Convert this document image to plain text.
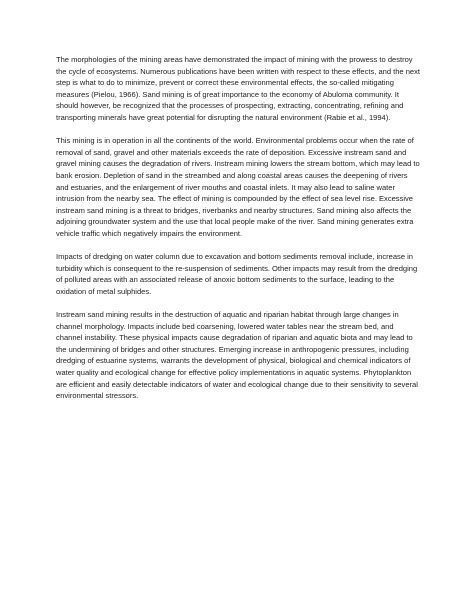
The morphologies of the mining areas have demonstrated the impact of mining with the prowess to destroy the cycle of ecosystems. Numerous publications have been written with respect to these effects, and the next step is what to do to minimize, prevent or correct these environmental effects, the so-called mitigating measures (Pielou, 1966). Sand mining is of great importance to the economy of Abuloma community. It should however, be recognized that the processes of prospecting, extracting, concentrating, refining and transporting minerals have great potential for disrupting the natural environment (Rabie et al., 1994).

This mining is in operation in all the continents of the world. Environmental problems occur when the rate of removal of sand, gravel and other materials exceeds the rate of deposition. Excessive instream sand and gravel mining causes the degradation of rivers. Instream mining lowers the stream bottom, which may lead to bank erosion. Depletion of sand in the streambed and along coastal areas causes the deepening of rivers and estuaries, and the enlargement of river mouths and coastal inlets. It may also lead to saline water intrusion from the nearby sea. The effect of mining is compounded by the effect of sea level rise. Excessive instream sand mining is a threat to bridges, riverbanks and nearby structures. Sand mining also affects the adjoining groundwater system and the use that local people make of the river. Sand mining generates extra vehicle traffic which negatively impairs the environment.

Impacts of dredging on water column due to excavation and bottom sediments removal include, increase in turbidity which is consequent to the re-suspension of sediments. Other impacts may result from the dredging of polluted areas with an associated release of anoxic bottom sediments to the surface, leading to the oxidation of metal sulphides.

Instream sand mining results in the destruction of aquatic and riparian habitat through large changes in channel morphology. Impacts include bed coarsening, lowered water tables near the stream bed, and channel instability. These physical impacts cause degradation of riparian and aquatic biota and may lead to the undermining of bridges and other structures. Emerging increase in anthropogenic pressures, including dredging of estuarine systems, warrants the development of physical, biological and chemical indicators of water quality and ecological change for effective policy implementations in aquatic systems. Phytoplankton are efficient and easily detectable indicators of water and ecological change due to their sensitivity to several environmental stressors.
